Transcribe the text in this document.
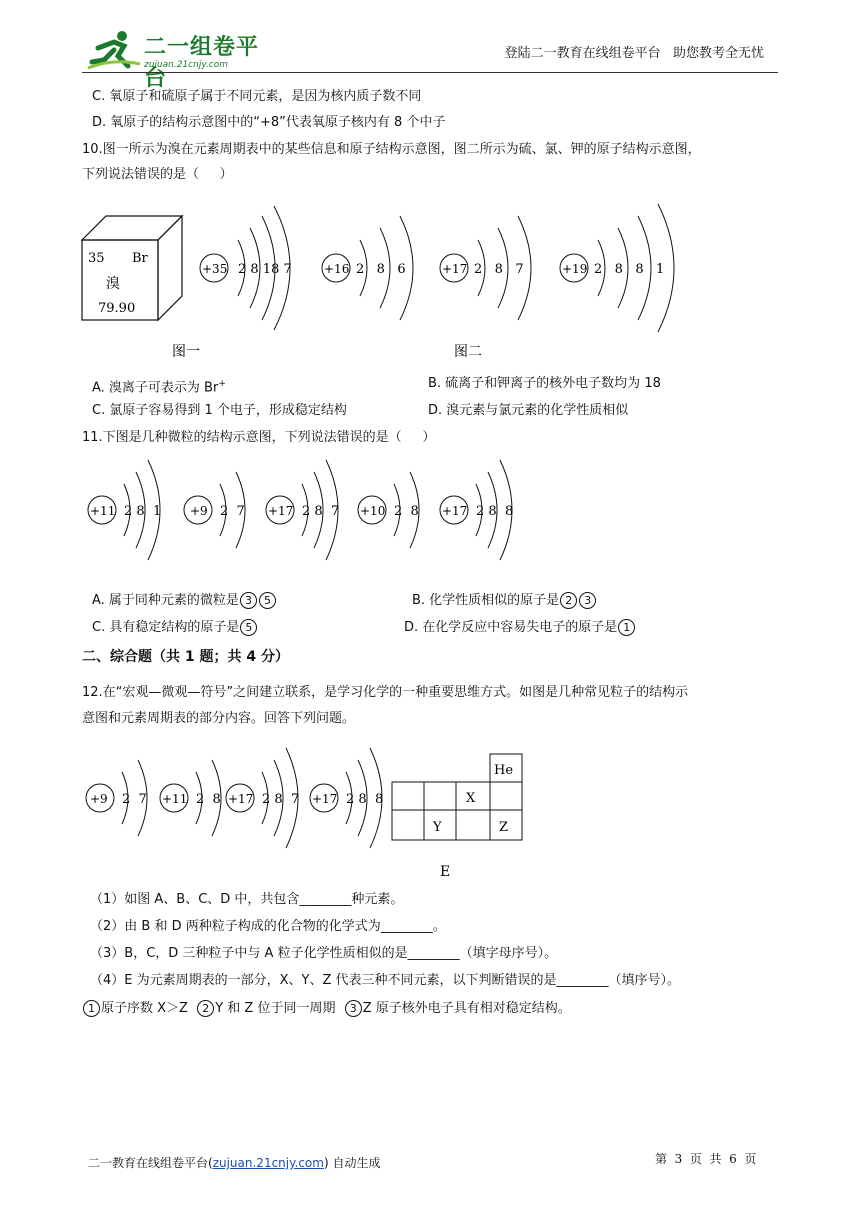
二一组卷平台
zujuan.21cnjy.com
登陆二一教育在线组卷平台   助您教考全无忧
C. 氧原子和硫原子属于不同元素，是因为核内质子数不同
D. 氧原子的结构示意图中的“+8”代表氧原子核内有 8 个中子
10.图一所示为溴在元素周期表中的某些信息和原子结构示意图，图二所示为硫、氯、钾的原子结构示意图，
下列说法错误的是（     ）
35 Br
溴
79.90
+35 2 8 18 7	+16 2   8   6	+17 2   8   7	+19 2   8   8   1
图一	图二
A. 溴离子可表示为 Br+	B. 硫离子和钾离子的核外电子数均为 18
C. 氯原子容易得到 1 个电子，形成稳定结构	D. 溴元素与氯元素的化学性质相似
11.下图是几种微粒的结构示意图，下列说法错误的是（     ）
+11 2 8  1 +9 2  7 +17 2 8  7 +10 2  8 +17 2 8  8
A. 属于同种元素的微粒是 3 5	B. 化学性质相似的原子是 2 3
C. 具有稳定结构的原子是 5	D. 在化学反应中容易失电子的原子是 1
二、综合题（共 1 题；共 4 分）
12.在“宏观—微观—符号”之间建立联系，是学习化学的一种重要思维方式。如图是几种常见粒子的结构示
意图和元素周期表的部分内容。回答下列问题。
+9 2  7 +11 2  8 +17 2 8  7 +17 2 8  8
He
X
Y	Z
E
（1）如图 A、B、C、D 中，共包含________种元素。
（2）由 B 和 D 两种粒子构成的化合物的化学式为________。
（3）B，C，D 三种粒子中与 A 粒子化学性质相似的是________（填字母序号）。
（4）E 为元素周期表的一部分，X、Y、Z 代表三种不同元素，以下判断错误的是________（填序号）。
1 原子序数 X＞Z 2 Y 和 Z 位于同一周期 3 Z 原子核外电子具有相对稳定结构。
二一教育在线组卷平台(zujuan.21cnjy.com) 自动生成	第  3  页  共  6  页
